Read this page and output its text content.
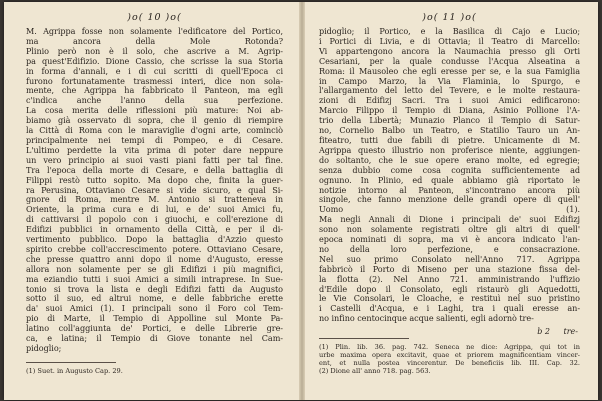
)o( 10 )o(
M. Agrippa fosse non solamente l'edificatore del Portico,
ma ancora della Mole Rotonda?
Plinio però non è il solo, che ascrive a M. Agrip-
pa quest'Edifizio. Dione Cassio, che scrisse la sua Storia
in forma d'annali, e i di cui scritti di quell'Epoca ci
furono fortunatamente trasmessi interi, dice non sola-
mente, che Agrippa ha fabbricato il Panteon, ma egli
c'indica anche l'anno della sua perfezione.
La cosa merita delle riflessioni più mature: Noi ab-
biamo già osservato di sopra, che il genio di riempire
la Città di Roma con le maraviglie d'ogni arte, cominciò
principalmente nei tempi di Pompeo, e di Cesare.
L'ultimo perdette la vita prima di poter dare neppure
un vero principio ai suoi vasti piani fatti per tal fine.
Tra l'epoca della morte di Cesare, e della battaglia di
Filippi restò tutto sopito. Ma dopo che, finita la guer-
ra Perusina, Ottaviano Cesare si vide sicuro, e qual Si-
gnore di Roma, mentre M. Antonio si tratteneva in
Oriente, la prima cura e di lui, e de' suoi Amici fu,
di cattivarsi il popolo con i giuochi, e coll'erezione di
Edifizi pubblici in ornamento della Città, e per il di-
vertimento pubblico. Dopo la battaglia d'Azzio questo
spirito crebbe coll'accrescimento potere. Ottaviano Cesare,
che presse quattro anni dopo il nome d'Augusto, eresse
allora non solamente per se gli Edifizi i più magnifici,
ma eziandio tutti i suoi Amici a simili intraprese. In Sue-
tonio si trova la lista e degli Edifizi fatti da Augusto
sotto il suo, ed altrui nome, e delle fabbriche erette
da' suoi Amici (1). I principali sono il Foro col Tem-
pio di Marte, il Tempio di Appolline sul Monte Pa-
latino coll'aggiunta de' Portici, e delle Librerie gre-
ca, e latina; il Tempio di Giove tonante nel Cam-
pidoglio;
(1) Suet. in Augusto Cap. 29.
)o( 11 )o(
pidoglio; il Portico, e la Basilica di Cajo e Lucio;
i Portici di Livia, e di Ottavia; il Teatro di Marcello:
Vi appartengono ancora la Naumachia presso gli Orti
Cesariani, per la quale condusse l'Acqua Alseatina a
Roma: il Mausoleo che egli eresse per se, e la sua Famiglia
in Campo Marzo, la Via Flaminia, lo Spurgo, e
l'allargamento del letto del Tevere, e le molte restaura-
zioni di Edifizj Sacri. Tra i suoi Amici edificarono:
Marcio Filippo il Tempio di Diana, Asinio Pollione l'A-
trio della Libertà; Munazio Planco il Tempio di Satur-
no, Cornelio Balbo un Teatro, e Statilio Tauro un An-
fiteatro, tutti due fabili di pietre. Unicamente di M.
Agrippa questo illustrio non proferisce niente, aggiungen-
do soltanto, che le sue opere erano molte, ed egregie;
senza dubbio come cosa cognita sufficientemente ad
ognuno. In Plinio, ed quale abbiamo già riportato le
notizie intorno al Panteon, s'incontrano ancora più
singole, che fanno menzione delle grandi opere di quell'
Uomo (1).
Ma negli Annali di Dione i principali de' suoi Edifizj
sono non solamente registrati oltre gli altri di quell'
epoca nominati di sopra, ma vi è ancora indicato l'an-
no della loro perfezione, e consacrazione.
Nel suo primo Consolato nell'Anno 717. Agrippa
fabbricò il Porto di Miseno per una stazione fissa del-
la flotta (2). Nel Anno 721. amministrando l'uffizio
d'Edile dopo il Consolato, egli ristaurò gli Aquedotti,
le Vie Consolari, le Cloache, e restituì nel suo pristino
i Castelli d'Acqua, e i Laghi, tra i quali eresse an-
no infino centocinque acque salienti, egli adornò tre-
b 2 tre-
(1) Plin. lib. 36. pag. 742. Seneca ne dice: Agrippa, qui tot in
urbe maxima opera excitavit, quae et priorem magnificentiam vincer-
ent, et nulla postea vincerentur. De beneficiis lib. III. Cap. 32.
(2) Dione all' anno 718. pag. 563.
